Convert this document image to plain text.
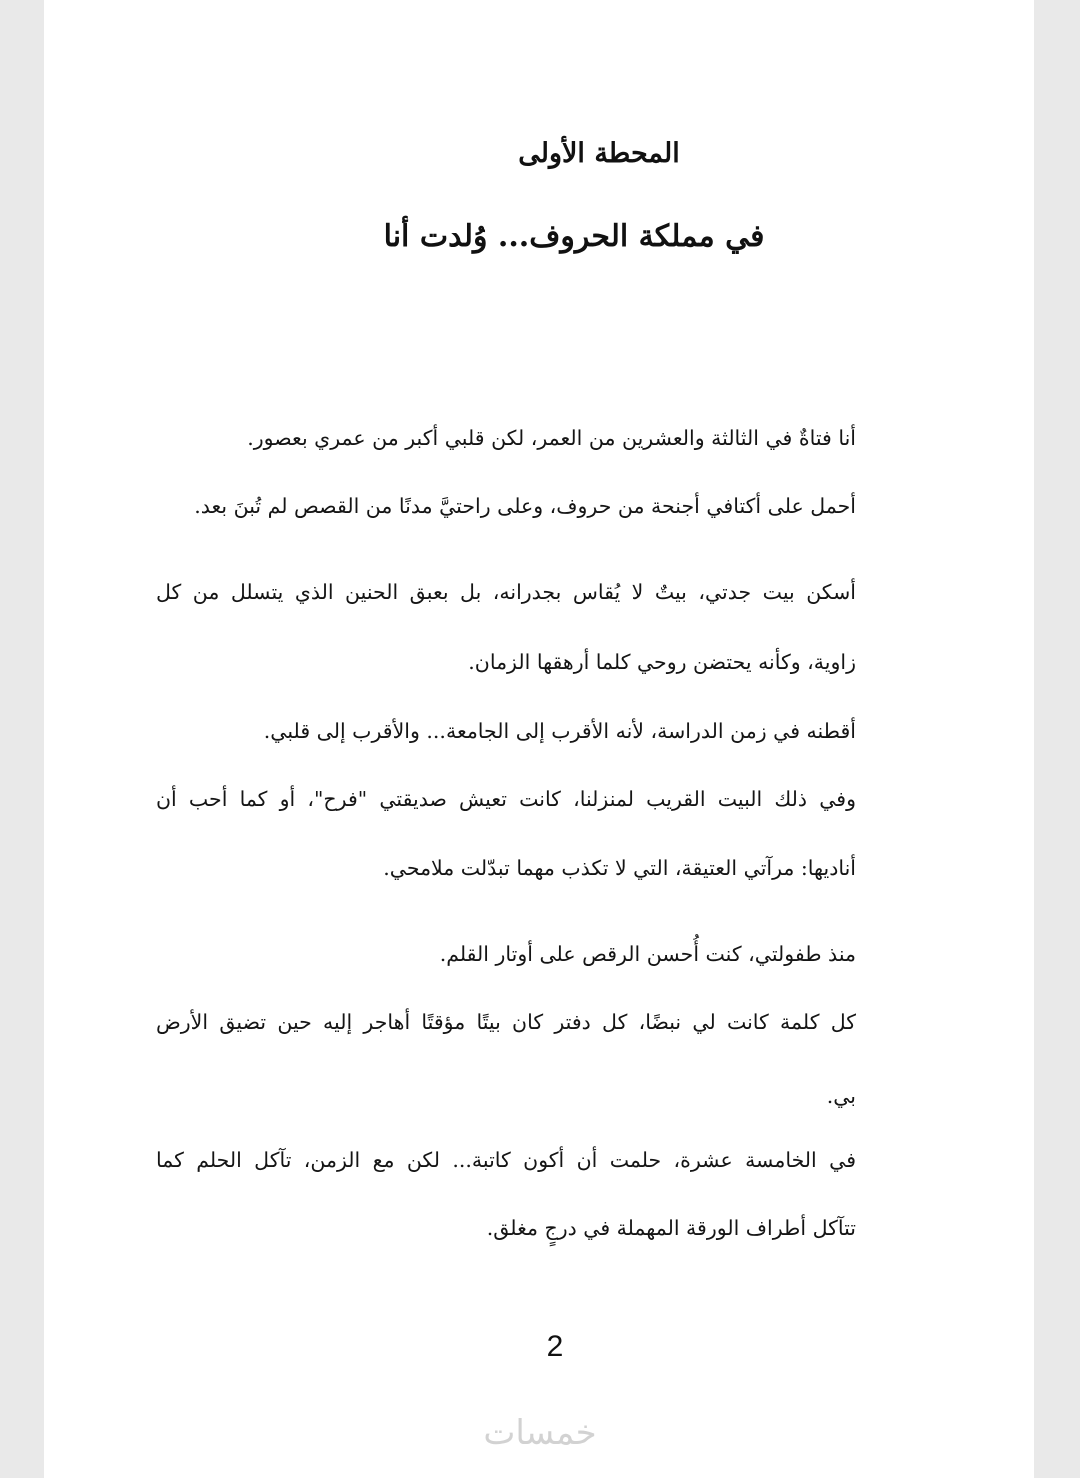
المحطة الأولى
في مملكة الحروف... وُلدت أنا

أنا فتاةٌ في الثالثة والعشرين من العمر، لكن قلبي أكبر من عمري بعصور.

أحمل على أكتافي أجنحة من حروف، وعلى راحتيَّ مدنًا من القصص لم تُبنَ بعد.

أسكن بيت جدتي، بيتٌ لا يُقاس بجدرانه، بل بعبق الحنين الذي يتسلل من كل

زاوية، وكأنه يحتضن روحي كلما أرهقها الزمان.

أقطنه في زمن الدراسة، لأنه الأقرب إلى الجامعة... والأقرب إلى قلبي.

وفي ذلك البيت القريب لمنزلنا، كانت تعيش صديقتي "فرح"، أو كما أحب أن

أناديها: مرآتي العتيقة، التي لا تكذب مهما تبدّلت ملامحي.

منذ طفولتي، كنت أُحسن الرقص على أوتار القلم.

كل كلمة كانت لي نبضًا، كل دفتر كان بيتًا مؤقتًا أهاجر إليه حين تضيق الأرض

بي.

في الخامسة عشرة، حلمت أن أكون كاتبة... لكن مع الزمن، تآكل الحلم كما

تتآكل أطراف الورقة المهملة في درجٍ مغلق.

2
خمسات
